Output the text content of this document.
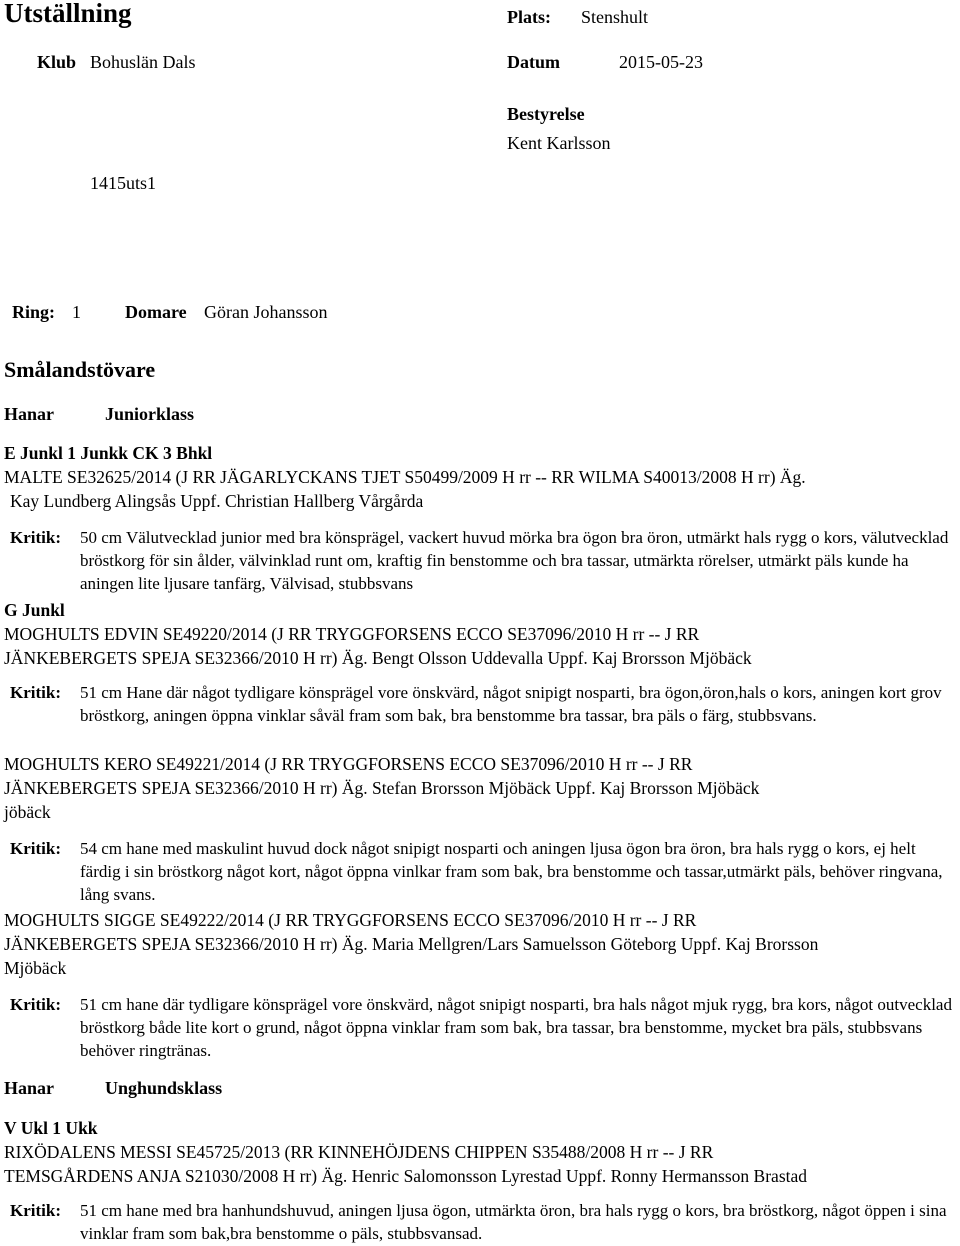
Utställning	Plats: Stenshult
Klub Bohuslän Dals	Datum	2015-05-23
Bestyrelse
Kent Karlsson
1415uts1
Ring: 1 Domare Göran Johansson
Smålandstövare
Hanar	Juniorklass
E Junkl 1 Junkk CK 3 Bhkl
MALTE SE32625/2014 (J RR JÄGARLYCKANS TJET S50499/2009 H rr -- RR WILMA S40013/2008 H rr) Äg.
Kay Lundberg Alingsås Uppf. Christian Hallberg Vårgårda
Kritik: 50 cm Välutvecklad junior med bra könsprägel, vackert huvud mörka bra ögon bra öron, utmärkt hals rygg o kors, välutvecklad bröstkorg för sin ålder, välvinklad runt om, kraftig fin benstomme och bra tassar, utmärkta rörelser, utmärkt päls kunde ha aningen lite ljusare tanfärg, Välvisad, stubbsvans
G Junkl
MOGHULTS EDVIN SE49220/2014 (J RR TRYGGFORSENS ECCO SE37096/2010 H rr -- J RR
JÄNKEBERGETS SPEJA SE32366/2010 H rr) Äg. Bengt Olsson Uddevalla Uppf. Kaj Brorsson Mjöbäck
Kritik: 51 cm Hane där något tydligare könsprägel vore önskvärd, något snipigt nosparti, bra ögon,öron,hals o kors, aningen kort grov bröstkorg, aningen öppna vinklar såväl fram som bak, bra benstomme bra tassar, bra päls o färg, stubbsvans.
MOGHULTS KERO SE49221/2014 (J RR TRYGGFORSENS ECCO SE37096/2010 H rr -- J RR
JÄNKEBERGETS SPEJA SE32366/2010 H rr) Äg. Stefan Brorsson Mjöbäck Uppf. Kaj Brorsson Mjöbäck
jöbäck
Kritik: 54 cm hane med maskulint huvud dock något snipigt nosparti och aningen ljusa ögon bra öron, bra hals rygg o kors, ej helt färdig i sin bröstkorg något kort, något öppna vinlkar fram som bak, bra benstomme och tassar,utmärkt päls, behöver ringvana, lång svans.
MOGHULTS SIGGE SE49222/2014 (J RR TRYGGFORSENS ECCO SE37096/2010 H rr -- J RR
JÄNKEBERGETS SPEJA SE32366/2010 H rr) Äg. Maria Mellgren/Lars Samuelsson Göteborg Uppf. Kaj Brorsson
Mjöbäck
Kritik: 51 cm hane där tydligare könsprägel vore önskvärd, något snipigt nosparti, bra hals något mjuk rygg, bra kors, något outvecklad bröstkorg både lite kort o grund, något öppna vinklar fram som bak, bra tassar, bra benstomme, mycket bra päls, stubbsvans behöver ringtränas.
Hanar	Unghundsklass
V Ukl 1 Ukk
RIXÖDALENS MESSI SE45725/2013 (RR KINNEHÖJDENS CHIPPEN S35488/2008 H rr -- J RR
TEMSGÅRDENS ANJA S21030/2008 H rr) Äg. Henric Salomonsson Lyrestad Uppf. Ronny Hermansson Brastad
Kritik: 51 cm hane med bra hanhundshuvud, aningen ljusa ögon, utmärkta öron, bra hals rygg o kors, bra bröstkorg, något öppen i sina vinklar fram som bak,bra benstomme o päls, stubbsvansad.
